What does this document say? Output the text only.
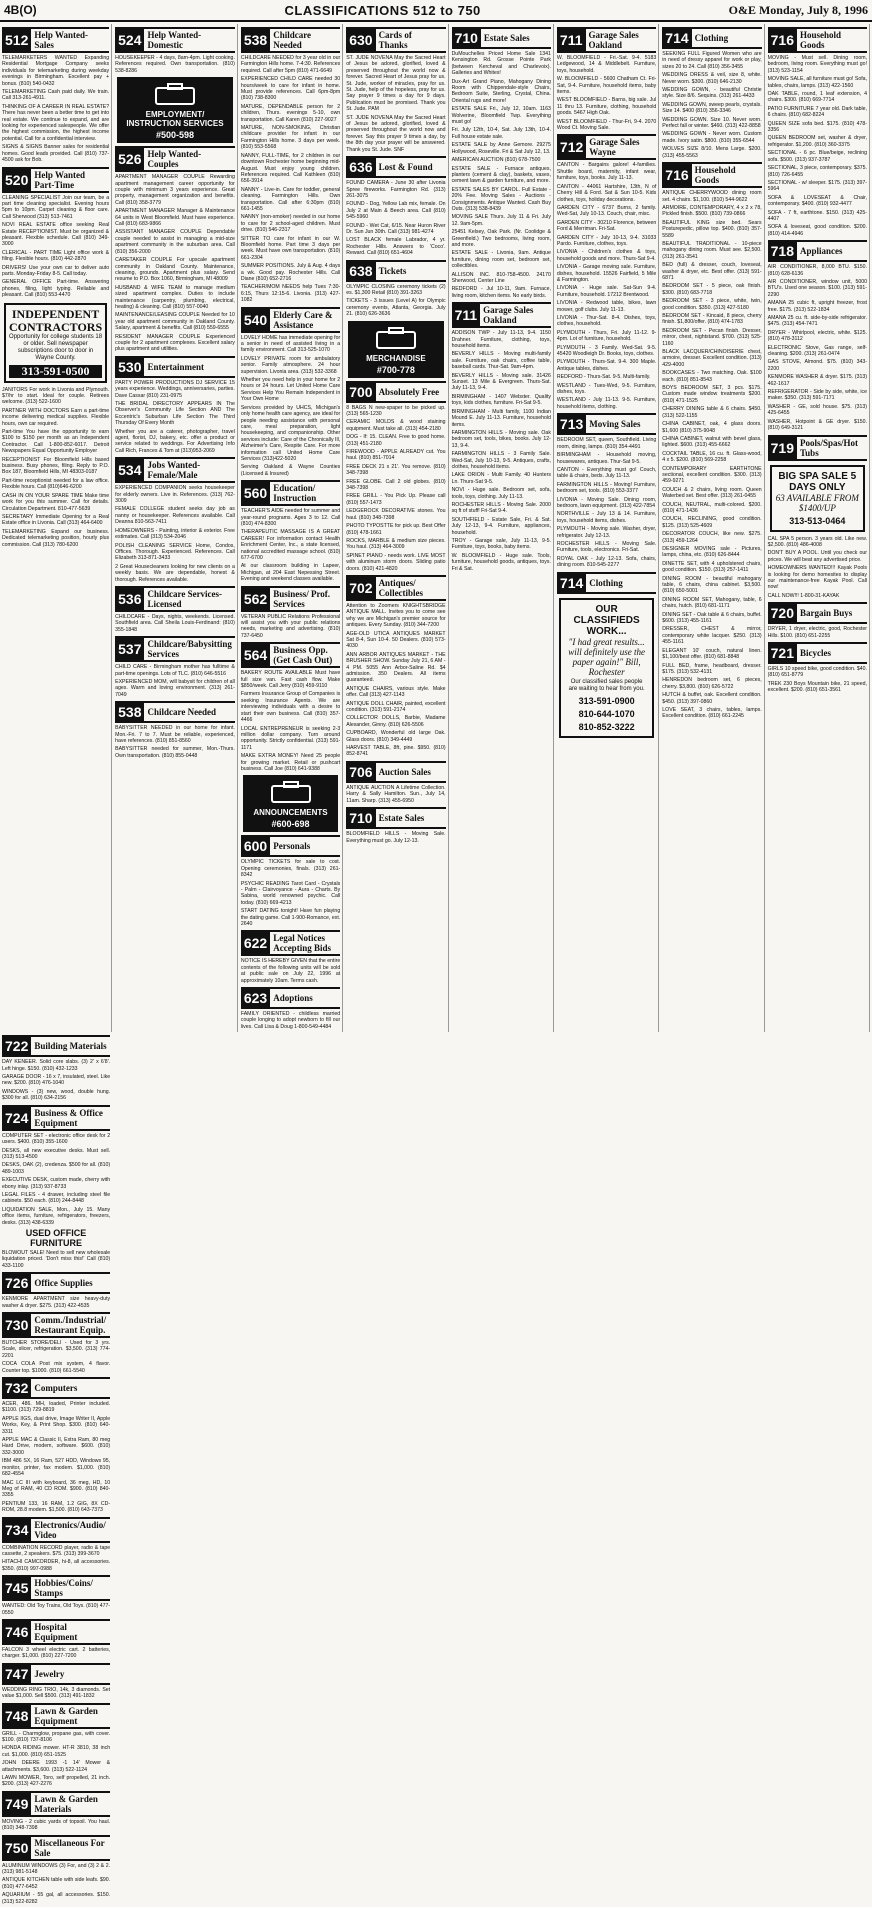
4B(O)	CLASSIFICATIONS 512 to 750	O&E Monday, July 8, 1996
512 Help Wanted-Sales

TELEMARKETERS WANTED Expanding Residential Mortgage Company seeks individuals for telemarketing during weekday evenings in Birmingham. Excellent pay + bonus. (810) 540-0432

TELEMARKETING Cash paid daily. We train. Call 313-261-4911.

THINKING OF A CAREER IN REAL ESTATE? There has never been a better time to get into real estate. We continue to expand, and are looking for experienced salespeople. We offer the highest commission, the highest income potential. Call for a confidential interview.

SIGNS & SIGNS Banner sales for residential homes. Good leads provided. Call (810) 737-4500 ask for Bob.

520 Help Wanted Part-Time

CLEANING SPECIALIST Join our team, be a part time cleaning specialist. Evening hours 5pm to 10pm. Carpet cleaning & floor care. Call Sherwood (313) 513-7461

NOVI REAL ESTATE office seeking Real Estate RECEPTIONIST. Must be organized & pleasant. Flexible schedule. Call (810) 349-3000

CLERICAL - PART TIME Light office work & filing. Flexible hours. (810) 442-2870

DRIVERS! Use your own car to deliver auto parts. Monday-Friday 8-5. Call today.

GENERAL OFFICE Part-time. Answering phones, filing, light typing. Reliable and pleasant. Call (810) 553-4470

INDEPENDENT CONTRACTORS
Opportunity for college students 18 or older. Sell newspaper subscriptions door to door in Wayne County.
313-591-0500

JANITORS For work in Livonia and Plymouth. $7/hr to start. Ideal for couple. Retirees welcome. (313) 522-1600

PARTNER WITH DOCTORS Earn a part-time income delivering medical supplies. Flexible hours, own car required.

Part-time You have the opportunity to earn $100 to $150 per month as an Independent Contractor. Call 1-800-852-6017. Detroit Newspapers Equal Opportunity Employer

RECEPTIONIST For Bloomfield Hills based business. Busy phones, filing. Reply to P.O. Box 187, Bloomfield Hills, MI 48303-0187

Part-time receptionist needed for a law office. Flexible hours. Call (810)646-6200

CASH IN ON YOUR SPARE TIME Make time work for you this summer. Call for details. Circulation Department. 810-477-5639

SECRETARY Immediate Opening for a Real Estate office in Livonia. Call (313) 464-6400

TELEMARKETING Expand our business. Dedicated telemarketing position, hourly plus commission. Call (313) 780-6200

524 Help Wanted-Domestic

HOUSEKEEPER - 4 days, 8am-4pm. Light cooking. References required. Own transportation. (810) 538-8286

EMPLOYMENT/ INSTRUCTION SERVICES
#500-598
526 Help Wanted-Couples

APARTMENT MANAGER COUPLE Rewarding apartment management career opportunity for couple with minimum 3 years experience. Great property, management organization and benefits. Call (810) 358-3779

APARTMENT MANAGER Manager & Maintenance 64 units in West Bloomfield. Must have experience. Call (810) 683-9866

ASSISTANT MANAGER COUPLE Dependable couple needed to assist in managing a mid-size apartment community in the suburban area. Call (810) 356-2000

CARETAKER COUPLE For upscale apartment community in Oakland County. Maintenance, cleaning, grounds. Apartment plus salary. Send resume to P.O. Box 1060, Birmingham, MI 48009

HUSBAND & WIFE TEAM to manage medium sized apartment complex. Duties to include maintenance (carpentry, plumbing, electrical, heating) & cleaning. Call (810) 557-0040

MAINTENANCE/LEASING COUPLE Needed for 10 year old apartment community in Oakland County. Salary, apartment & benefits. Call (810) 559-6555

RESIDENT MANAGER COUPLE Experienced couple for 2 apartment complexes. Excellent salary plus apartment and utilities.

530 Entertainment

PARTY POWER PRODUCTIONS DJ SERVICE 15 years experience. Weddings, anniversaries, parties. Dave Cassar (810) 231-0975

THE BRIDAL DIRECTORY APPEARS IN The Observer's Community Life Section AND The Eccentric's Suburban Life Section The Third Thursday Of Every Month

Whether you are a caterer, photographer, travel agent, florist, DJ, bakery, etc. offer a product or service related to weddings. For Advertising Info Call Rich, Frances & Tom at (313)953-2069

534 Jobs Wanted-Female/Male

EXPERIENCED COMPANION seeks housekeeper for elderly owners. Live in. References. (313) 762-3009

FEMALE COLLEGE student seeks day job as nanny or housekeeper. References available. Call Deanna 810-563-7411

HOMEOWNERS - Painting, interior & exterior. Free estimates. Call (313) 534-2046

POLISH CLEANING SERVICE Home, Condos, Offices. Thorough. Experienced. References. Call Elizabeth 313-871-3433

2 Great Housecleaners looking for new clients on a weekly basis. We are dependable, honest & thorough. References available.

536 Childcare Services-Licensed

CHILDCARE - Days, nights, weekends. Licensed. Southfield area. Call Sheila Louis-Ferdinand: (810) 355-1848

537 Childcare/Babysitting Services

CHILD CARE - Birmingham mother has fulltime & part-time openings. Lots of TLC. (810) 646-5516

EXPERIENCED MOM, will babysit for children of all ages. Warm and loving environment. (313) 261-7049

538 Childcare Needed

BABYSITTER NEEDED in our home for infant. Mon.-Fri. 7 to 7. Must be reliable, experienced, have references. (810) 851-8560

BABYSITTER needed for summer, Mon.-Thurs. Own transportation. (810) 855-0448

538 Childcare Needed

CHILDCARE NEEDED for 3 year old in our Farmington Hills home. 7-4:30. References required. Call after 5pm (810) 471-6649

EXPERIENCED CHILD CARE needed 30 hours/week to care for infant in home. Must provide references. Call 6pm-8pm (810) 738-8300

MATURE, DEPENDABLE person for 2 children, Thurs. evenings 5-10, own transportation. Call Karen (810) 227-9027

MATURE, NON-SMOKING, Christian childcare provider for infant in our Farmington Hills home. 3 days per week. (810) 553-5568

NANNY, FULL-TIME, for 2 children in our downtown Rochester home beginning mid-August. Must enjoy young children. References required. Call Kathleen (810) 656-3914

NANNY - Live-in. Care for toddler, general cleaning. Farmington Hills. Own transportation. Call after 6:30pm (810) 661-1455

NANNY (non-smoker) needed in our home to care for 2 school-aged children. Must drive. (810) 546-2317

SITTER TO care for infant in our W. Bloomfield home. Part time 3 days per week. Must have own transportation. (810) 661-2304

SUMMER POSITIONS. July & Aug. 4 days a wk. Good pay. Rochester Hills. Call Diane (810) 652-2716

TEACHER/MOM NEEDS help Tues 7:30-6:15, Thurs 12:15-6. Livonia. (313) 427-1082

540 Elderly Care & Assistance

LOVELY HOME has immediate opening for a senior in need of assisted living in a family environment. Call 313-525-1070

LOVELY PRIVATE room for ambulatory senior. Family atmosphere. 24 hour supervision. Livonia area. (313) 532-3368

Whether you need help in your home for 2 hours or 24 hours. Let United Home Care Services Help You Remain Independent in Your Own Home

Services provided by UHCS, Michigan's only home health care agency, are ideal for people needing assistance with personal care, meal preparation, light housekeeping, and companionship. Other services include: Care of the Chronically Ill, Alzheimer's Care, Respite Care. For more information call United Home Care Services (313)422-5020

Serving Oakland & Wayne Counties (Licensed & Insured)

560 Education/ Instruction

TEACHER'S AIDE needed for summer and year-round programs. Ages 3 to 12. Call (810) 474-8300

THERAPEUTIC MASSAGE IS A GREAT CAREER! For information contact Health Enrichment Center, Inc., a state licensed, national accredited massage school. (810) 677-6700

At our classroom building in Lapeer, Michigan, at 204 East Nepessing Street. Evening and weekend classes available.

562 Business/ Prof. Services

VETERAN PUBLIC Relations Professional will assist you with your public relations needs, marketing and advertising. (810) 737-6450

564 Business Opp. (Get Cash Out)

BAKERY ROUTE AVAILABLE Must have full size van. Fast cash flow. Make $850/week. Call Jerry (810) 459-9110

Farmers Insurance Group of Companies is seeking Insurance Agents. We are interviewing individuals with a desire to start their own business. Call (810) 357-4466

LOCAL ENTREPRENEUR is seeking 2-3 million dollar company. Turn around opportunity. Strictly confidential. (313) 591-1171

MAKE EXTRA MONEY! Need 25 people for growing market. Retail or pushcart business. Call Joe (810) 641-9388

ANNOUNCEMENTS
#600-698
600 Personals

OLYMPIC TICKETS for sale to cost. Opening ceremonies, finals. (313) 261-8342

PSYCHIC READING Tarot Card - Crystals - Palm - Clairvoyance - Aura - Charts. By Sabina, world renowned psychic. Call today. (810) 669-4213

START DATING tonight! Have fun playing the dating game. Call 1-900-Romance, ext. 2640

622 Legal Notices Accepting Bids

NOTICE IS HEREBY GIVEN that the entire contents of the following units will be sold at public sale on July 22, 1996 at approximately 10am. Terms cash.

623 Adoptions

FAMILY ORIENTED - childless married couple longing to adopt newborn to fill our lives. Call Lisa & Doug 1-800-549-4484

630 Cards of Thanks

ST. JUDE NOVENA May the Sacred Heart of Jesus be adored, glorified, loved & preserved throughout the world now & forever. Sacred Heart of Jesus pray for us. St. Jude, worker of miracles, pray for us. St. Jude, help of the hopeless, pray for us. Say prayer 9 times a day for 9 days. Publication must be promised. Thank you St. Jude. PAM

ST. JUDE NOVENA May the Sacred Heart of Jesus be adored, glorified, loved & preserved throughout the world now and forever. Say this prayer 9 times a day, by the 8th day your prayer will be answered. Thank you St. Jude. SNF

636 Lost & Found

FOUND CAMERA - June 30 after Livonia Spree fireworks. Farmington Rd. (313) 261-3075

FOUND - Dog, Yellow Lab mix, female. On July 2 at Main & Beech area. Call (810) 545-5960

FOUND - Wet Cat, 6/15. Near Huron River Dr. Sun Jun 30th. Call (313) 981-4274

LOST BLACK female Labrador, 4 yr. Rochester Hills. Answers to 'Coco'. Reward. Call (810) 651-4604

638 Tickets

OLYMPIC CLOSING ceremony tickets (2) es. $1,300 Retail (810) 391-3263

TICKETS - 3 issues (Level A) for Olympic ceremony events, Atlanta, Georgia. July 21. (810) 626-3636

MERCHANDISE
#700-778
700 Absolutely Free

8 BAGS N new-spaper to be picked up. (313) 565-1230

CERAMIC MOLDS & wood staining equipment. Must take all. (313) 454-2180

DOG - If: 15. CLEAN. Free to good home. (313) 451-2180

FIREWOOD - APPLE ALREADY cut. You haul. (810) 851-7014

FREE DECK 21 x 21'. You remove. (810) 348-7398

FREE GLOBE. Call 2 old globes. (810) 348-7398

FREE GRILL - You Pick Up. Please call (810) 557-1473

LEDGEROCK DECORATIVE stones. You haul. (810) 348-7398

PHOTO TYPOSTTE for pick up. Best Offer (810) 478-1661

ROCKS, MARBLE & medium size pieces. You haul. (313) 464-3009

SPINET PIANO - needs work. LIVE MOST with aluminum storm doors. Sliding patio doors. (810) 421-4820

702 Antiques/ Collectibles

Attention to Zoomers KNIGHTSBRIDGE ANTIQUE MALL. Invites you to come see why we are Michigan's premier source for antiques. Every Sunday. (810) 344-7200

AGE-OLD UTICA ANTIQUES MARKET Sat 8-4, Sun 10-4. 50 Dealers. (810) 573-4030

ANN ARBOR ANTIQUES MARKET - THE BRUSHER SHOW. Sunday July 21, 6 AM - 4 PM. 5055 Ann Arbor-Saline Rd. $4 admission. 350 Dealers. All items guaranteed.

ANTIQUE CHAIRS, various style. Make offer. Call (313) 427-1143

ANTIQUE DOLL CHAIR, painted, excellent condition. (313) 591-2174

COLLECTOR DOLLS, Barbie, Madame Alexander, Ginny. (810) 626-5506

CUPBOARD, Wonderful old large Oak. Glass doors. (810) 349-4449

HARVEST TABLE, 8ft, pine. $950. (810) 852-8741

706 Auction Sales

ANTIQUE AUCTION A Lifetime Collection. Harry & Sally Hamilton. Sun., July 14, 11am. Sharp. (313) 455-6950

710 Estate Sales

BLOOMFIELD HILLS - Moving Sale. Everything must go. July 12-13.

710 Estate Sales

DuMouchelles Priced Home Sale 1341 Kensington Rd. Grosse Pointe Park (between Kercheval and Charlevoix). Galleries and Whites!

Dux-Art Grand Piano, Mahogany Dining Room with Chippendale-style Chairs, Bedroom Suite, Sterling, Crystal, China. Oriental rugs and more!

ESTATE SALE Fri., July 12, 10am. 1163 Wolverine, Bloomfield Twp. Everything must go!

Fri. July 12th, 10-4, Sat. July 13th, 10-4. Full house estate sale.

ESTATE SALE by Anne Gemore. 29275 Hollywood, Roseville. Fri & Sat July 12, 13.

AMERICAN AUCTION (810) 678-7500

ESTATE SALE - Furnace antiques, planters (cement & clay), baskets, vases, cement lawn & garden furniture, and more.

ESTATE SALES BY CAROL. Full Estate - 20% Fee. Moving Sales - Auctions - Consignments. Antique Wanted. Cash Buy Outs. (313) 538-8439

MOVING SALE Thurs. July 11 & Fri. July 12. 9am-5pm.

25451 Kelsey, Oak Park. (Nr. Coolidge & Greenfield.) Two bedrooms, living room, and more.

ESTATE SALE - Livonia, 9am. Antique furniture, dining room set, bedroom set, collectibles.

ALLISON INC. 810-758-4500. 24170 Sherwood, Center Line

REDFORD - Jul 10-11, 9am. Furnace, living room, kitchen items. No early birds.

711 Garage Sales Oakland

ADDISON TWP - July 11-13, 9-4. 1150 Drahner. Furniture, clothing, toys, household items.

BEVERLY HILLS - Moving multi-family sale. Furniture, oak chairs, coffee table, baseball cards. Thur-Sat. 9am-4pm.

BEVERLY HILLS - Moving sale. 31426 Sunset. 13 Mile & Evergreen. Thurs-Sat. July 11-13, 9-4.

BIRMINGHAM - 1407 Webster. Quality toys, kids clothes, furniture. Fri-Sat 9-5.

BIRMINGHAM - Multi family, 1100 Indian Mound E. July 11-13. Furniture, household items.

FARMINGTON HILLS - Moving sale. Oak bedroom set, tools, bikes, books. July 12-13, 9-4.

FARMINGTON HILLS - 3 Family Sale. Wed-Sat, July 10-13, 9-5. Antiques, crafts, clothes, household items.

LAKE ORION - Multi Family. 40 Hunters Ln. Thurs-Sat 9-5.

NOVI - Huge sale. Bedroom set, sofa, tools, toys, clothing. July 11-13.

ROCHESTER HILLS - Moving Sale. 2000 sq ft of stuff! Fri-Sat 9-4.

SOUTHFIELD - Estate Sale, Fri. & Sat. July 12-13, 9-4. Furniture, appliances, household.

TROY - Garage sale, July 11-13, 9-5. Furniture, toys, books, baby items.

W. BLOOMFIELD - Huge sale. Tools, furniture, household goods, antiques, toys. Fri & Sat.

711 Garage Sales Oakland

W. BLOOMFIELD - Fri.-Sat. 9-4. 5183 Ledgewood, 14 & Middlebelt. Furniture, toys, household.

W. BLOOMFIELD - 5600 Chatham Ct. Fri-Sat, 9-4. Furniture, household items, baby items.

WEST BLOOMFIELD - Barns, big sale. Jul 11 thru 13. Furniture, clothing, household goods. 5467 High Oak.

WEST BLOOMFIELD - Thur-Fri, 9-4. 2070 Wood Ct. Moving Sale.

712 Garage Sales Wayne

CANTON - Bargains galore! 4-families. Shuttle board, maternity, infant wear, furniture, toys, books. July 11-13.

CANTON - 44061 Hartshire, 13th, N of Cherry Hill & Ford. Sat & Sun 10-5. Kids clothes, toys, holiday decorations.

GARDEN CITY - 6737 Burns, 2 family. Wed-Sat, July 10-13. Couch, chair, misc.

GARDEN CITY - 30210 Florence, between Ford & Merriman. Fri-Sat.

GARDEN CITY - July 10-13, 9-4. 31033 Pardo. Furniture, clothes, toys.

LIVONIA - Children's clothes & toys, household goods and more. Thurs-Sat 9-4.

LIVONIA - Garage moving sale. Furniture, dishes, household. 15526 Fairfield, 5 Mile & Farmington.

LIVONIA - Huge sale. Sat-Sun 9-4. Furniture, household. 17212 Brentwood.

LIVONIA - Redwood table, bikes, lawn mower, golf clubs. July 11-13.

LIVONIA - Thur-Sat. 8-4. Dishes, toys, clothes, household.

PLYMOUTH - Thurs, Fri. July 11-12. 9-4pm. Lot of furniture, household.

PLYMOUTH - 3 Family. Wed-Sat. 9-5. 45420 Woodleigh Dr. Books, toys, clothes.

PLYMOUTH - Thurs-Sat. 9-4. 300 Maple. Antique tables, dishes.

REDFORD - Thurs-Sat. 9-5. Multi-family.

WESTLAND - Tues-Wed, 9-5. Furniture, dishes, toys.

WESTLAND - July 11-13. 9-5. Furniture, household items, clothing.

713 Moving Sales

BEDROOM SET, queen, Southfield. Living room, dining, lamps. (810) 354-4491

BIRMINGHAM - Household moving, housewares, antiques. Thur-Sat 9-5.

CANTON - Everything must go! Couch, table & chairs, beds. July 11-13.

FARMINGTON HILLS - Moving! Furniture, bedroom set, tools. (810) 553-3377

LIVONIA - Moving Sale. Dining room, bedroom, lawn equipment. (313) 422-7854

NORTHVILLE - July 13 & 14. Furniture, toys, household items, dishes.

PLYMOUTH - Moving sale. Washer, dryer, refrigerator. July 12-13.

ROCHESTER HILLS - Moving Sale. Furniture, tools, electronics. Fri-Sat.

ROYAL OAK - July 12-13. Sofa, chairs, dining room. 810-545-2277

714 Clothing
OUR CLASSIFIEDS WORK...
"I had great results... will definitely use the paper again!" Bill, Rochester
Our classified sales people are waiting to hear from you.
313-591-0900
810-644-1070
810-852-3222
714 Clothing

SEEKING FULL Figured Women who are in need of dressy apparel for work or play, sizes 20 to 24. Call (810) 356-3455

WEDDING DRESS & veil, size 8, white. Never worn. $300. (810) 646-2130

WEDDING GOWN, - beautiful Christie style. Size 8/6. Sequins. (313) 261-4433

WEDDING GOWN, sweep pearls, crystals. Size 14. $400 (810) 356-3346

WEDDING GOWN. Size 10. Never worn. Perfect fall or winter. $460. (313) 422-8858

WEDDING GOWN - Never worn. Custom made. Ivory satin. $800. (810) 355-6544

WOLVES SIZE 8/10. Mens Large. $200. (313) 455-5563

716 Household Goods

ANTIQUE CHERRYWOOD dining room set. 4 chairs. $1,100. (810) 544-9622

ARMOIRE, CONTEMPORARY, 4 x 2 x 78, Pickled finish. $500. (810) 739-0866

BEAUTIFUL KING size bed. Sears Posturepedic, pillow top. $400. (810) 357-5589

BEAUTIFUL TRADITIONAL - 10-piece mahogany dining room. Must see. $2,500. (313) 261-3541

BED (full) & dresser, couch, loveseat, washer & dryer, etc. Best offer. (313) 591-6871

BEDROOM SET - 5 piece, oak finish. $300. (810) 683-7718

BEDROOM SET - 3 piece, white, twin, good condition. $350. (313) 427-5180

BEDROOM SET - Kincaid, 8 piece, cherry finish. $1,800/offer. (810) 474-1783

BEDROOM SET - Pecan finish. Dresser, mirror, chest, nightstand. $700. (313) 525-1160

BLACK LACQUER/CHINOISERIE chest, armoire, dresser. Excellent condition. (313) 429-4000

BOOKCASES - Two matching. Oak. $100 each. (810) 851-8543

BOYS BEDROOM SET, 3 pcs. $175. Custom made window treatments $200. (810) 471-1525

CHERRY DINING table & 6 chairs. $450. (313) 522-1155

CHINA CABINET, oak, 4 glass doors. $1,600 (810) 375-9048

CHINA CABINET, walnut with bevel glass, lighted. $600. (313) 455-6662

COCKTAIL TABLE, 16 cu. ft. Glass-wood, 4 x 5. $200. (810) 569-2258

CONTEMPORARY EARTHTONE sectional, excellent condition. $300. (313) 459-9271

COUCH & 2 chairs, living room. Queen Waterbed set. Best offer. (313) 261-0455

COUCH, NEUTRAL, multi-colored. $200. (810) 471-1436

COUCH, RECLINING, good condition. $125. (313) 525-4609

DECORATOR COUCH, like new. $275. (313) 459-1264

DESIGNER MOVING sale - Pictures, lamps, china, etc. (810) 626-8444

DINETTE SET, with 4 upholstered chairs, good condition. $150. (313) 257-1411

DINING ROOM - beautiful mahogany table, 6 chairs, china cabinet. $3,500. (810) 650-5001

DINING ROOM SET, Mahogany, table, 6 chairs, hutch. (810) 681-1171

DINING SET - Oak table & 6 chairs, buffet. $600. (313) 455-1161

DRESSER, CHEST & mirror, contemporary white lacquer. $250. (313) 455-1161

ELEGANT 10' couch, natural linen. $1,100/best offer. (810) 681-8848

FULL BED, frame, headboard, dresser. $175. (313) 532-4131

HENREDON bedroom set, 6 pieces, cherry. $3,800. (810) 626-5722

HUTCH & buffet, oak. Excellent condition. $450. (313) 397-0860

LOVE SEAT, 3 chairs, tables, lamps. Excellent condition. (810) 661-2245

716 Household Goods

MOVING - Must sell. Dining room, bedroom, living room. Everything must go! (313) 523-1154

MOVING SALE, all furniture must go! Sofa, tables, chairs, lamps. (313) 422-1560

OAK TABLE, round, 1 leaf extension, 4 chairs. $300. (810) 669-7714

PATIO FURNITURE 7 year old. Dark table, 6 chairs. (810) 682-8224

QUEEN SIZE sofa bed. $175. (810) 478-3356

QUEEN BEDROOM set, washer & dryer, refrigerator. $1,200. (810) 360-3375

SECTIONAL - 6 pc. Blue/beige, reclining sofa. $500. (313) 937-3787

SECTIONAL, 3 piece, contemporary. $375. (810) 726-6455

SECTIONAL - w/ sleeper. $175. (313) 397-5964

SOFA & LOVESEAT & Chair, contemporary. $400. (810) 932-4477

SOFA - 7 ft, earthtone. $150. (313) 425-4407

SOFA & loveseat, good condition. $200. (810) 414-4946

718 Appliances

AIR CONDITIONER, 8,000 BTU. $150. (810) 628-6136

AIR CONDITIONER, window unit, 5000 BTU's. Used one season. $100. (313) 591-2290

AMANA 25 cubic ft, upright freezer, frost free. $175. (313) 522-1834

AMANA 25 cu. ft. side-by-side refrigerator. $475. (313) 454-7471

DRYER - Whirlpool, electric, white. $125. (810) 478-3112

ELECTRONIC Stove, Gas range, self-cleaning. $200. (313) 261-0474

GAS STOVE, Almond. $75. (810) 343-2200

KENMORE WASHER & dryer. $175. (313) 462-1617

REFRIGERATOR - Side by side, white, ice maker. $350. (313) 591-7171

WASHER - GE, sold house. $75. (313) 425-6455

WASHER, Hotpoint & GE dryer. $150. (810) 649-3121

719 Pools/Spas/Hot Tubs
BIG SPA SALE 5 DAYS ONLY
63 AVAILABLE FROM $1400/UP
313-513-0464

CAL SPA 5 person. 3 years old. Like new. $2,500. (810) 486-4008

DON'T BUY A POOL. Until you check our prices. We will beat any advertised price.

HOMEOWNERS WANTED!!! Kayak Pools is looking for demo homesites to display our maintenance-free Kayak Pool. Call now!

CALL NOW!!! 1-800-31-KAYAK

720 Bargain Buys

DRYER, 1 dryer, electric, good, Rochester Hills. $100. (810) 651-2255

721 Bicycles

GIRLS 10 speed bike, good condition. $40. (810) 651-8779

TREK 230 Boys Mountain bike, 21 speed, excellent. $200. (810) 651-3561

722 Building Materials

DAY KENEER. Solid core slabs. (3) 2' x 6'8'. Left hinge. $150. (810) 432-1233

GARAGE DOOR - 16 x 7, insulated, steel. Like new. $200. (810) 476-1040

WINDOWS - (3) new, wood, double hung. $300 for all. (810) 634-2156

724 Business & Office Equipment

COMPUTER SET - electronic office desk for 2 users. $400. (810) 355-1600

DESKS, all new executive desks. Must sell. (313) 513-4500

DESKS, OAK (2), credenza. $500 for all. (810) 489-1003

EXECUTIVE DESK, custom made, cherry with ebony inlay. (313) 937-8733

LEGAL FILES - 4 drawer, including steel file cabinets. $50 each. (810) 244-8448

LIQUIDATION SALE, Mon., July 15. Many office items, furniture, refrigerators, freezers, desks. (313) 438-6339

USED OFFICE FURNITURE

BLOWOUT SALE! Need to sell new wholesale liquidation priced. 'Don't miss this!' Call (810) 433-1100

726 Office Supplies

KENMORE APARTMENT size heavy-duty washer & dryer. $275. (313) 422-4535

730 Comm./Industrial/ Restaurant Equip.

BUTCHER STORE/DELI - Used for 3 yrs. Scale, slicer, refrigeration. $3,500. (313) 774-2201

COCA COLA Post mix system, 4 flavor. Counter top. $1000. (810) 661-5540

732 Computers

ACER, 486. MH, loaded, Printer included. $1100. (313) 729-8819

APPLE IIGS, dual drive, Image Writer II, Apple Works, Key, & Print Shop. $300. (810) 640-3311

APPLE MAC & Classic II, Extra Ram, 80 meg Hard Drive, modem, software. $600. (810) 332-3000

IBM 486 SX, 16 Ram, 527 HDD, Windows 95, monitor, printer, fax modem. $1,000. (810) 682-4554

MAC LC III with keyboard, 36 meg, HD, 10 Meg of RAM, 40 CD ROM. $900. (810) 840-3355

PENTIUM 133, 16 RAM, 1.2 GIG, 8X CD-ROM, 28.8 modem. $1,500. (810) 643-7373

734 Electronics/Audio/ Video

COMBINATION RECORD player, radio & tape cassette, 2 speakers. $75. (313) 399-3670

HITACHI CAMCORDER, hi-8, all accessories. $350. (810) 997-0988

745 Hobbies/Coins/ Stamps

WANTED: Old Toy Trains, Old Toys. (810) 477-0550

746 Hospital Equipment

FALCON 3 wheel electric cart. 2 batteries, charger. $1,000. (810) 227-7200

747 Jewelry

WEDDING RING TRIO, 14k, 3 diamonds. Set value $1,000. Sell $500. (313) 491-1832

748 Lawn & Garden Equipment

GRILL - Charmglow, propane gas, with cover. $100. (810) 737-8106

HONDA RIDING mower. HT-R 3810, 38 inch cut. $1,000. (810) 651-1525

JOHN DEERE 1993 -1 14' Mower & attachments. $3,600. (313) 522-1124

LAWN MOWER, Toro, self propelled, 21 inch. $200. (313) 427-2276

749 Lawn & Garden Materials

MOVING - 2 cubic yards of topsoil. You haul. (810) 348-7398

750 Miscellaneous For Sale

ALUMINUM WINDOWS (3) For, and (3) 2 & 2. (313) 981-5148

ANTIQUE KITCHEN table with side leafs. $90. (810) 477-6452

AQUARIUM - 55 gal, all accessories. $150. (313) 522-8282
